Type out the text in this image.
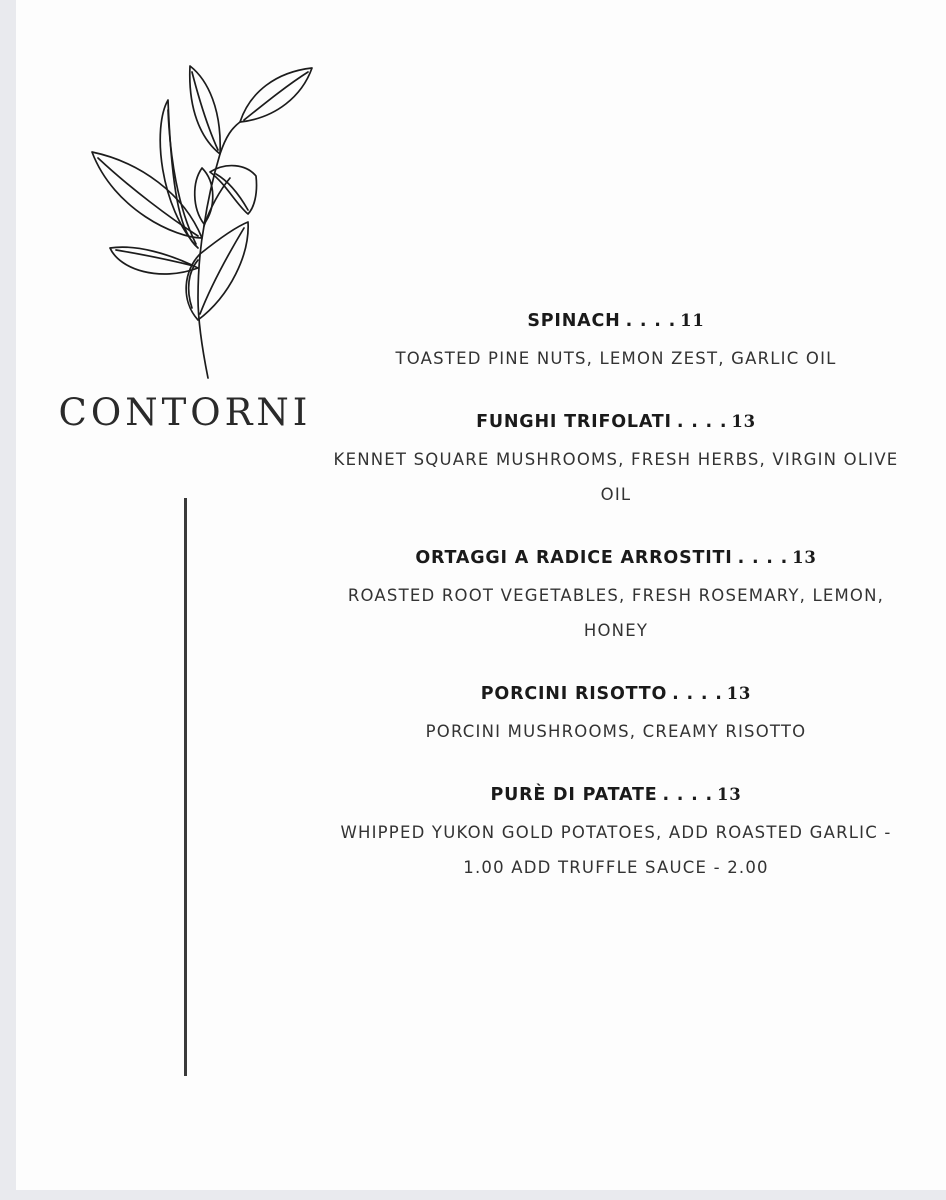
CONTORNI
SPINACH . . . . 11
TOASTED PINE NUTS, LEMON ZEST, GARLIC OIL
FUNGHI TRIFOLATI . . . . 13
KENNET SQUARE MUSHROOMS, FRESH HERBS, VIRGIN OLIVE OIL
ORTAGGI A RADICE ARROSTITI . . . . 13
ROASTED ROOT VEGETABLES, FRESH ROSEMARY, LEMON, HONEY
PORCINI RISOTTO . . . . 13
PORCINI MUSHROOMS, CREAMY RISOTTO
PURÈ DI PATATE . . . . 13
WHIPPED YUKON GOLD POTATOES, ADD ROASTED GARLIC - 1.00 ADD TRUFFLE SAUCE - 2.00
